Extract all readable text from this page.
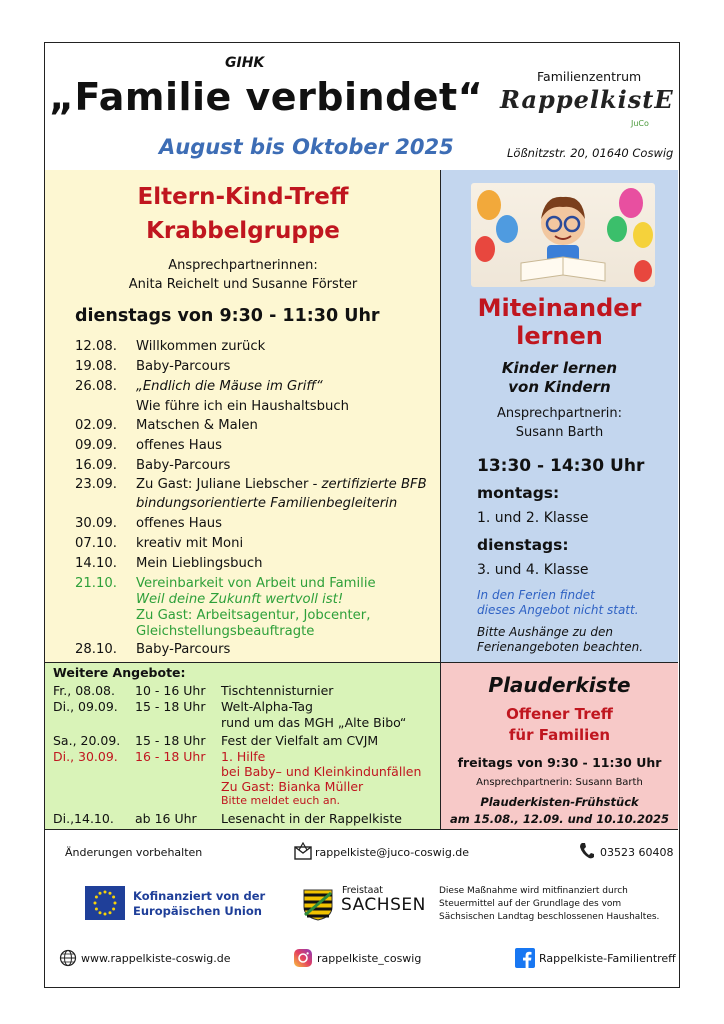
GIHK
„Familie verbindet“
August bis Oktober 2025
Familienzentrum
RappelkistE
JuCo
Lößnitzstr. 20, 01640 Coswig
Eltern-Kind-Treff
Krabbelgruppe
Ansprechpartnerinnen:
Anita Reichelt und Susanne Förster
dienstags von 9:30 - 11:30 Uhr
12.08. Willkommen zurück
19.08. Baby-Parcours
26.08. „Endlich die Mäuse im Griff“
Wie führe ich ein Haushaltsbuch
02.09. Matschen & Malen
09.09. offenes Haus
16.09. Baby-Parcours
23.09. Zu Gast: Juliane Liebscher - zertifizierte BFB
bindungsorientierte Familienbegleiterin
30.09. offenes Haus
07.10. kreativ mit Moni
14.10. Mein Lieblingsbuch
21.10. Vereinbarkeit von Arbeit und Familie
Weil deine Zukunft wertvoll ist!
Zu Gast: Arbeitsagentur, Jobcenter,
Gleichstellungsbeauftragte
28.10. Baby-Parcours
Miteinander
lernen
Kinder lernen
von Kindern
Ansprechpartnerin:
Susann Barth
13:30 - 14:30 Uhr
montags:
1. und 2. Klasse
dienstags:
3. und 4. Klasse
In den Ferien findet
dieses Angebot nicht statt.
Bitte Aushänge zu den
Ferienangeboten beachten.
Weitere Angebote:
Fr., 08.08. 10 - 16 Uhr Tischtennisturnier
Di., 09.09. 15 - 18 Uhr Welt-Alpha-Tag
rund um das MGH „Alte Bibo“
Sa., 20.09. 15 - 18 Uhr Fest der Vielfalt am CVJM
Di., 30.09. 16 - 18 Uhr 1. Hilfe
bei Baby– und Kleinkindunfällen
Zu Gast: Bianka Müller
Bitte meldet euch an.
Di.,14.10. ab 16 Uhr Lesenacht in der Rappelkiste
Plauderkiste
Offener Treff
für Familien
freitags von 9:30 - 11:30 Uhr
Ansprechpartnerin: Susann Barth
Plauderkisten-Frühstück
am 15.08., 12.09. und 10.10.2025
Änderungen vorbehalten	rappelkiste@juco-coswig.de	03523 60408
Kofinanziert von der
Europäischen Union
Freistaat
SACHSEN
Diese Maßnahme wird mitfinanziert durch
Steuermittel auf der Grundlage des vom
Sächsischen Landtag beschlossenen Haushaltes.
www.rappelkiste-coswig.de	rappelkiste_coswig	Rappelkiste-Familientreff
